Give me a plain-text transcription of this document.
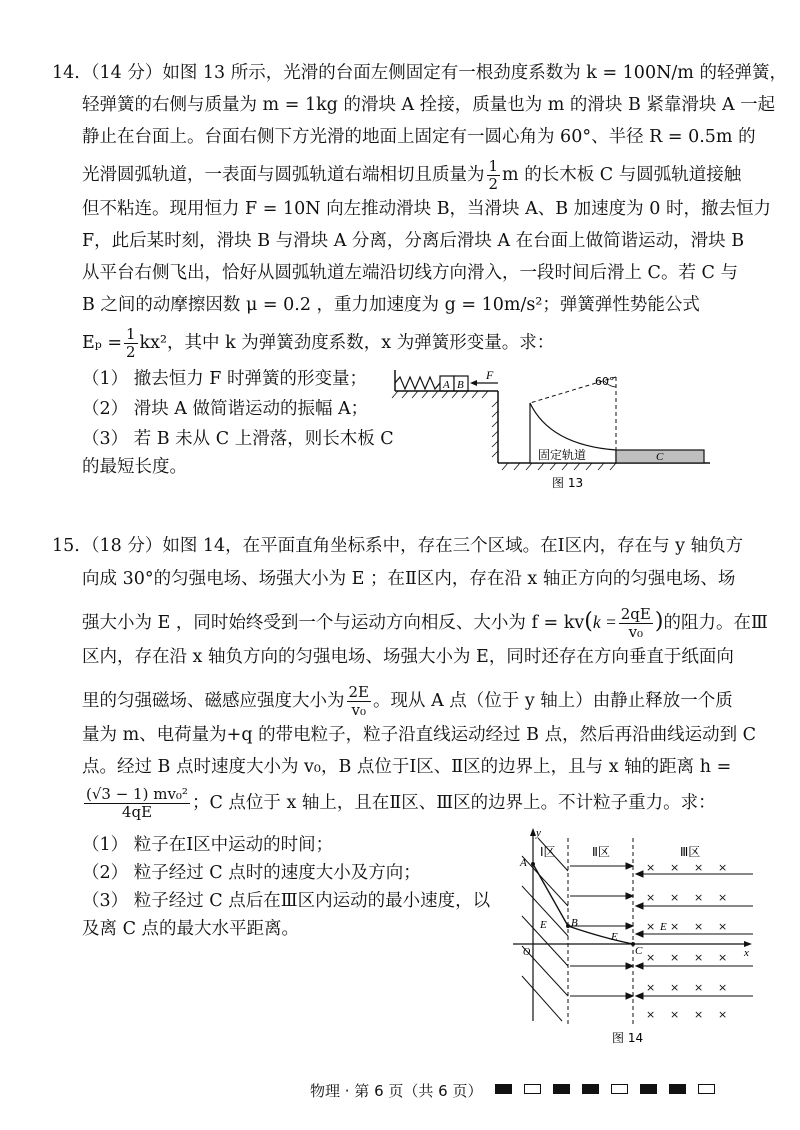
14. （14 分）如图 13 所示，光滑的台面左侧固定有一根劲度系数为 k = 100N/m 的轻弹簧，
轻弹簧的右侧与质量为 m = 1kg 的滑块 A 拴接，质量也为 m 的滑块 B 紧靠滑块 A 一起
静止在台面上。台面右侧下方光滑的地面上固定有一圆心角为 60°、半径 R = 0.5m 的
光滑圆弧轨道，一表面与圆弧轨道右端相切且质量为 $\frac{1}{2}$ m 的长木板 C 与圆弧轨道接触
但不粘连。现用恒力 F = 10N 向左推动滑块 B，当滑块 A、B 加速度为 0 时，撤去恒力
F，此后某时刻，滑块 B 与滑块 A 分离，分离后滑块 A 在台面上做简谐运动，滑块 B
从平台右侧飞出，恰好从圆弧轨道左端沿切线方向滑入，一段时间后滑上 C。若 C 与
B 之间的动摩擦因数 μ = 0.2 ，重力加速度为 g = 10m/s²；弹簧弹性势能公式
$E_p = \frac{1}{2} kx^2$，其中 k 为弹簧劲度系数，x 为弹簧形变量。求：
（1） 撤去恒力 F 时弹簧的形变量；
（2） 滑块 A 做简谐运动的振幅 A；
（3） 若 B 未从 C 上滑落，则长木板 C
的最短长度。
A B
F	60°
固定轨道	C
图 13
15. （18 分）如图 14，在平面直角坐标系中，存在三个区域。在Ⅰ区内，存在与 y 轴负方
向成 30°的匀强电场、场强大小为 E ；在Ⅱ区内，存在沿 x 轴正方向的匀强电场、场
强大小为 E ，同时始终受到一个与运动方向相反、大小为 $f = kv(k = \frac{2qE}{\text{v₀}}$ )的阻力。在Ⅲ
区内，存在沿 x 轴负方向的匀强电场、场强大小为 E，同时还存在方向垂直于纸面向
里的匀强磁场、磁感应强度大小为 $\frac{2E}{\text{v₀}}$ 。现从 A 点（位于 y 轴上）由静止释放一个质
量为 m、电荷量为+q 的带电粒子，粒子沿直线运动经过 B 点，然后再沿曲线运动到 C
点。经过 B 点时速度大小为 v₀，B 点位于Ⅰ区、Ⅱ区的边界上，且与 x 轴的距离 h =
$\frac{\text{(√3 − 1) mv₀²}}{4qE}$ ；C 点位于 x 轴上，且在Ⅱ区、Ⅲ区的边界上。不计粒子重力。求：
（1） 粒子在Ⅰ区中运动的时间；
（2） 粒子经过 C 点时的速度大小及方向；
（3） 粒子经过 C 点后在Ⅲ区内运动的最小速度，以
及离 C 点的最大水平距离。
× × × ×
× × × ×
× × × ×
× × × ×
× × × ×
× × × ×
y
x
A
B
C
O
E
E
E
Ⅰ区	Ⅱ区	Ⅲ区
图 14
物理 · 第 6 页（共 6 页）
